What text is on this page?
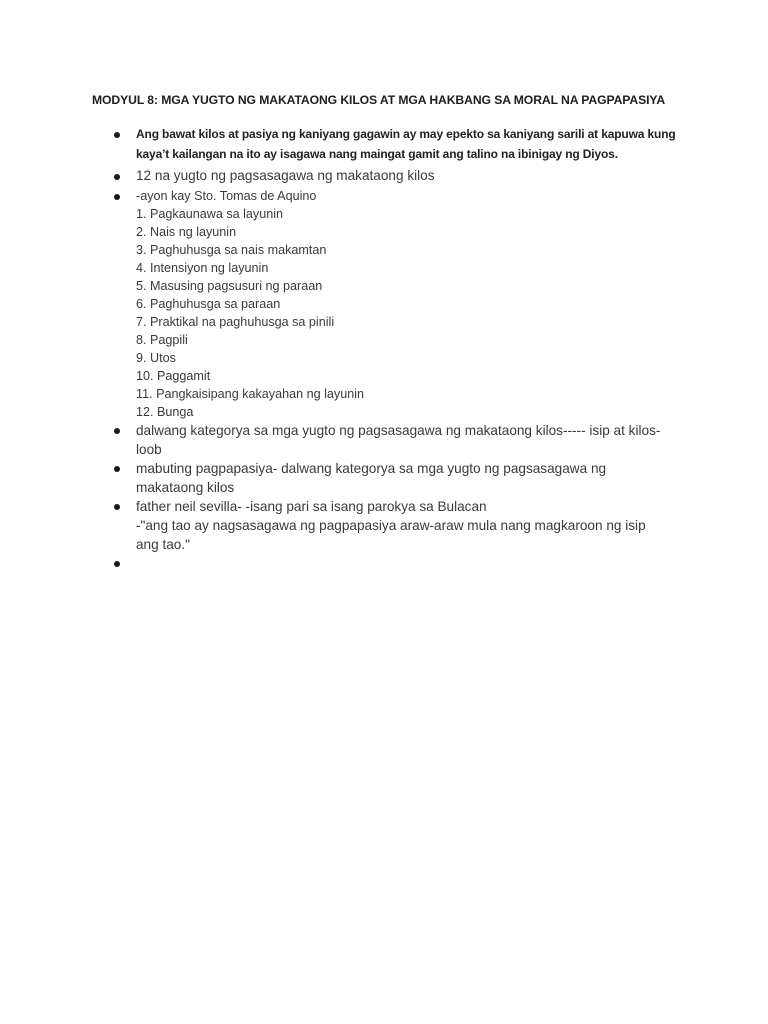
MODYUL 8: MGA YUGTO NG MAKATAONG KILOS AT MGA HAKBANG SA MORAL NA PAGPAPASIYA
Ang bawat kilos at pasiya ng kaniyang gagawin ay may epekto sa kaniyang sarili at kapuwa kung
kaya’t kailangan na ito ay isagawa nang maingat gamit ang talino na ibinigay ng Diyos.
12 na yugto ng pagsasagawa ng makataong kilos
-ayon kay Sto. Tomas de Aquino
1. Pagkaunawa sa layunin
2. Nais ng layunin
3. Paghuhusga sa nais makamtan
4. Intensiyon ng layunin
5. Masusing pagsusuri ng paraan
6. Paghuhusga sa paraan
7. Praktikal na paghuhusga sa pinili
8. Pagpili
9. Utos
10. Paggamit
11. Pangkaisipang kakayahan ng layunin
12. Bunga
dalwang kategorya sa mga yugto ng pagsasagawa ng makataong kilos----- isip at kilos-
loob
mabuting pagpapasiya- dalwang kategorya sa mga yugto ng pagsasagawa ng
makataong kilos
father neil sevilla- -isang pari sa isang parokya sa Bulacan
-"ang tao ay nagsasagawa ng pagpapasiya araw-araw mula nang magkaroon ng isip
ang tao."
